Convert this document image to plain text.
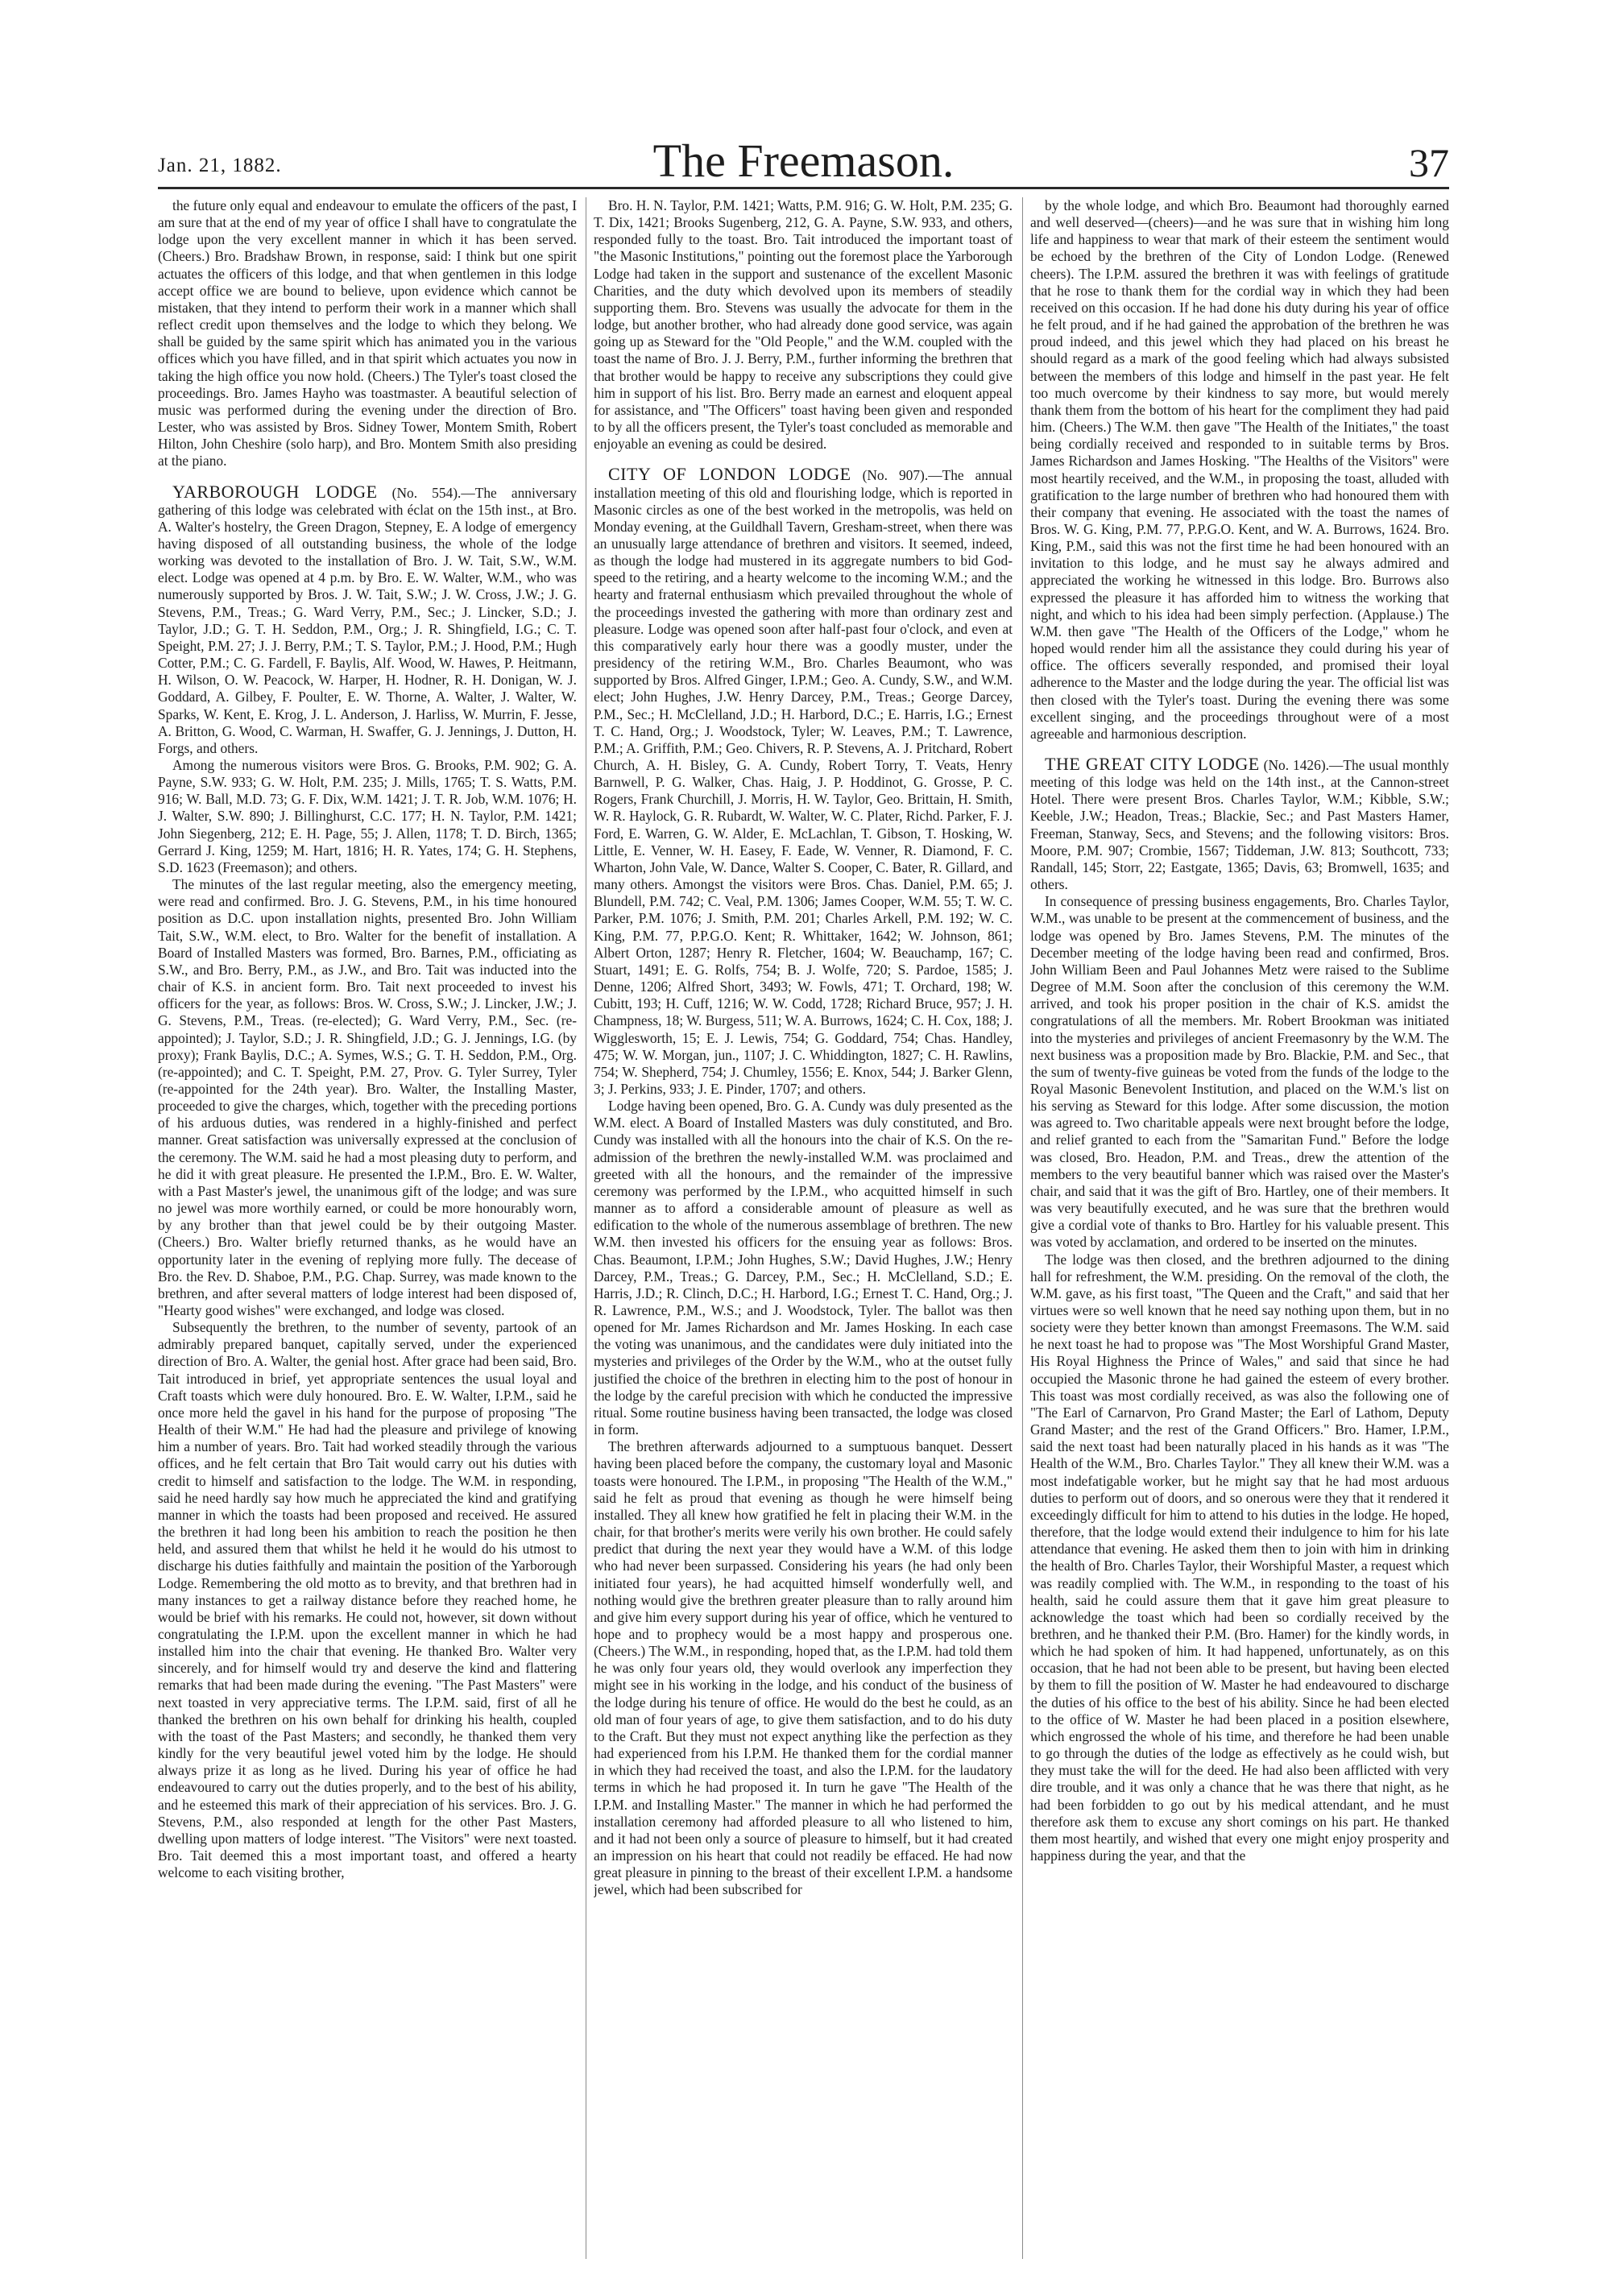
Jan. 21, 1882.	The Freemason.	37

the future only equal and endeavour to emulate the officers of the past, I am sure that at the end of my year of office I shall have to congratulate the lodge upon the very excellent manner in which it has been served. (Cheers.) Bro. Bradshaw Brown, in response, said: I think but one spirit actuates the officers of this lodge, and that when gentlemen in this lodge accept office we are bound to believe, upon evidence which cannot be mistaken, that they intend to perform their work in a manner which shall reflect credit upon themselves and the lodge to which they belong. We shall be guided by the same spirit which has animated you in the various offices which you have filled, and in that spirit which actuates you now in taking the high office you now hold. (Cheers.) The Tyler's toast closed the proceedings. Bro. James Hayho was toastmaster. A beautiful selection of music was performed during the evening under the direction of Bro. Lester, who was assisted by Bros. Sidney Tower, Montem Smith, Robert Hilton, John Cheshire (solo harp), and Bro. Montem Smith also presiding at the piano.

YARBOROUGH LODGE (No. 554).—The anniversary gathering of this lodge was celebrated with éclat on the 15th inst., at Bro. A. Walter's hostelry, the Green Dragon, Stepney, E. A lodge of emergency having disposed of all outstanding business, the whole of the lodge working was devoted to the installation of Bro. J. W. Tait, S.W., W.M. elect. Lodge was opened at 4 p.m. by Bro. E. W. Walter, W.M., who was numerously supported by Bros. J. W. Tait, S.W.; J. W. Cross, J.W.; J. G. Stevens, P.M., Treas.; G. Ward Verry, P.M., Sec.; J. Lincker, S.D.; J. Taylor, J.D.; G. T. H. Seddon, P.M., Org.; J. R. Shingfield, I.G.; C. T. Speight, P.M. 27; J. J. Berry, P.M.; T. S. Taylor, P.M.; J. Hood, P.M.; Hugh Cotter, P.M.; C. G. Fardell, F. Baylis, Alf. Wood, W. Hawes, P. Heitmann, H. Wilson, O. W. Peacock, W. Harper, H. Hodner, R. H. Donigan, W. J. Goddard, A. Gilbey, F. Poulter, E. W. Thorne, A. Walter, J. Walter, W. Sparks, W. Kent, E. Krog, J. L. Anderson, J. Harliss, W. Murrin, F. Jesse, A. Britton, G. Wood, C. Warman, H. Swaffer, G. J. Jennings, J. Dutton, H. Forgs, and others.

Among the numerous visitors were Bros. G. Brooks, P.M. 902; G. A. Payne, S.W. 933; G. W. Holt, P.M. 235; J. Mills, 1765; T. S. Watts, P.M. 916; W. Ball, M.D. 73; G. F. Dix, W.M. 1421; J. T. R. Job, W.M. 1076; H. J. Walter, S.W. 890; J. Billinghurst, C.C. 177; H. N. Taylor, P.M. 1421; John Siegenberg, 212; E. H. Page, 55; J. Allen, 1178; T. D. Birch, 1365; Gerrard J. King, 1259; M. Hart, 1816; H. R. Yates, 174; G. H. Stephens, S.D. 1623 (Freemason); and others.

The minutes of the last regular meeting, also the emergency meeting, were read and confirmed. Bro. J. G. Stevens, P.M., in his time honoured position as D.C. upon installation nights, presented Bro. John William Tait, S.W., W.M. elect, to Bro. Walter for the benefit of installation. A Board of Installed Masters was formed, Bro. Barnes, P.M., officiating as S.W., and Bro. Berry, P.M., as J.W., and Bro. Tait was inducted into the chair of K.S. in ancient form. Bro. Tait next proceeded to invest his officers for the year, as follows: Bros. W. Cross, S.W.; J. Lincker, J.W.; J. G. Stevens, P.M., Treas. (re-elected); G. Ward Verry, P.M., Sec. (re-appointed); J. Taylor, S.D.; J. R. Shingfield, J.D.; G. J. Jennings, I.G. (by proxy); Frank Baylis, D.C.; A. Symes, W.S.; G. T. H. Seddon, P.M., Org. (re-appointed); and C. T. Speight, P.M. 27, Prov. G. Tyler Surrey, Tyler (re-appointed for the 24th year). Bro. Walter, the Installing Master, proceeded to give the charges, which, together with the preceding portions of his arduous duties, was rendered in a highly-finished and perfect manner. Great satisfaction was universally expressed at the conclusion of the ceremony. The W.M. said he had a most pleasing duty to perform, and he did it with great pleasure. He presented the I.P.M., Bro. E. W. Walter, with a Past Master's jewel, the unanimous gift of the lodge; and was sure no jewel was more worthily earned, or could be more honourably worn, by any brother than that jewel could be by their outgoing Master. (Cheers.) Bro. Walter briefly returned thanks, as he would have an opportunity later in the evening of replying more fully. The decease of Bro. the Rev. D. Shaboe, P.M., P.G. Chap. Surrey, was made known to the brethren, and after several matters of lodge interest had been disposed of, "Hearty good wishes" were exchanged, and lodge was closed.

Subsequently the brethren, to the number of seventy, partook of an admirably prepared banquet, capitally served, under the experienced direction of Bro. A. Walter, the genial host. After grace had been said, Bro. Tait introduced in brief, yet appropriate sentences the usual loyal and Craft toasts which were duly honoured. Bro. E. W. Walter, I.P.M., said he once more held the gavel in his hand for the purpose of proposing "The Health of their W.M." He had had the pleasure and privilege of knowing him a number of years. Bro. Tait had worked steadily through the various offices, and he felt certain that Bro Tait would carry out his duties with credit to himself and satisfaction to the lodge. The W.M. in responding, said he need hardly say how much he appreciated the kind and gratifying manner in which the toasts had been proposed and received. He assured the brethren it had long been his ambition to reach the position he then held, and assured them that whilst he held it he would do his utmost to discharge his duties faithfully and maintain the position of the Yarborough Lodge. Remembering the old motto as to brevity, and that brethren had in many instances to get a railway distance before they reached home, he would be brief with his remarks. He could not, however, sit down without congratulating the I.P.M. upon the excellent manner in which he had installed him into the chair that evening. He thanked Bro. Walter very sincerely, and for himself would try and deserve the kind and flattering remarks that had been made during the evening. "The Past Masters" were next toasted in very appreciative terms. The I.P.M. said, first of all he thanked the brethren on his own behalf for drinking his health, coupled with the toast of the Past Masters; and secondly, he thanked them very kindly for the very beautiful jewel voted him by the lodge. He should always prize it as long as he lived. During his year of office he had endeavoured to carry out the duties properly, and to the best of his ability, and he esteemed this mark of their appreciation of his services. Bro. J. G. Stevens, P.M., also responded at length for the other Past Masters, dwelling upon matters of lodge interest. "The Visitors" were next toasted. Bro. Tait deemed this a most important toast, and offered a hearty welcome to each visiting brother,

Bro. H. N. Taylor, P.M. 1421; Watts, P.M. 916; G. W. Holt, P.M. 235; G. T. Dix, 1421; Brooks Sugenberg, 212, G. A. Payne, S.W. 933, and others, responded fully to the toast. Bro. Tait introduced the important toast of "the Masonic Institutions," pointing out the foremost place the Yarborough Lodge had taken in the support and sustenance of the excellent Masonic Charities, and the duty which devolved upon its members of steadily supporting them. Bro. Stevens was usually the advocate for them in the lodge, but another brother, who had already done good service, was again going up as Steward for the "Old People," and the W.M. coupled with the toast the name of Bro. J. J. Berry, P.M., further informing the brethren that that brother would be happy to receive any subscriptions they could give him in support of his list. Bro. Berry made an earnest and eloquent appeal for assistance, and "The Officers" toast having been given and responded to by all the officers present, the Tyler's toast concluded as memorable and enjoyable an evening as could be desired.

CITY OF LONDON LODGE (No. 907).—The annual installation meeting of this old and flourishing lodge, which is reported in Masonic circles as one of the best worked in the metropolis, was held on Monday evening, at the Guildhall Tavern, Gresham-street, when there was an unusually large attendance of brethren and visitors. It seemed, indeed, as though the lodge had mustered in its aggregate numbers to bid God-speed to the retiring, and a hearty welcome to the incoming W.M.; and the hearty and fraternal enthusiasm which prevailed throughout the whole of the proceedings invested the gathering with more than ordinary zest and pleasure. Lodge was opened soon after half-past four o'clock, and even at this comparatively early hour there was a goodly muster, under the presidency of the retiring W.M., Bro. Charles Beaumont, who was supported by Bros. Alfred Ginger, I.P.M.; Geo. A. Cundy, S.W., and W.M. elect; John Hughes, J.W. Henry Darcey, P.M., Treas.; George Darcey, P.M., Sec.; H. McClelland, J.D.; H. Harbord, D.C.; E. Harris, I.G.; Ernest T. C. Hand, Org.; J. Woodstock, Tyler; W. Leaves, P.M.; T. Lawrence, P.M.; A. Griffith, P.M.; Geo. Chivers, R. P. Stevens, A. J. Pritchard, Robert Church, A. H. Bisley, G. A. Cundy, Robert Torry, T. Veats, Henry Barnwell, P. G. Walker, Chas. Haig, J. P. Hoddinot, G. Grosse, P. C. Rogers, Frank Churchill, J. Morris, H. W. Taylor, Geo. Brittain, H. Smith, W. R. Haylock, G. R. Rubardt, W. Walter, W. C. Plater, Richd. Parker, F. J. Ford, E. Warren, G. W. Alder, E. McLachlan, T. Gibson, T. Hosking, W. Little, E. Venner, W. H. Easey, F. Eade, W. Venner, R. Diamond, F. C. Wharton, John Vale, W. Dance, Walter S. Cooper, C. Bater, R. Gillard, and many others. Amongst the visitors were Bros. Chas. Daniel, P.M. 65; J. Blundell, P.M. 742; C. Veal, P.M. 1306; James Cooper, W.M. 55; T. W. C. Parker, P.M. 1076; J. Smith, P.M. 201; Charles Arkell, P.M. 192; W. C. King, P.M. 77, P.P.G.O. Kent; R. Whittaker, 1642; W. Johnson, 861; Albert Orton, 1287; Henry R. Fletcher, 1604; W. Beauchamp, 167; C. Stuart, 1491; E. G. Rolfs, 754; B. J. Wolfe, 720; S. Pardoe, 1585; J. Denne, 1206; Alfred Short, 3493; W. Fowls, 471; T. Orchard, 198; W. Cubitt, 193; H. Cuff, 1216; W. W. Codd, 1728; Richard Bruce, 957; J. H. Champness, 18; W. Burgess, 511; W. A. Burrows, 1624; C. H. Cox, 188; J. Wigglesworth, 15; E. J. Lewis, 754; G. Goddard, 754; Chas. Handley, 475; W. W. Morgan, jun., 1107; J. C. Whiddington, 1827; C. H. Rawlins, 754; W. Shepherd, 754; J. Chumley, 1556; E. Knox, 544; J. Barker Glenn, 3; J. Perkins, 933; J. E. Pinder, 1707; and others.

Lodge having been opened, Bro. G. A. Cundy was duly presented as the W.M. elect. A Board of Installed Masters was duly constituted, and Bro. Cundy was installed with all the honours into the chair of K.S. On the re-admission of the brethren the newly-installed W.M. was proclaimed and greeted with all the honours, and the remainder of the impressive ceremony was performed by the I.P.M., who acquitted himself in such manner as to afford a considerable amount of pleasure as well as edification to the whole of the numerous assemblage of brethren. The new W.M. then invested his officers for the ensuing year as follows: Bros. Chas. Beaumont, I.P.M.; John Hughes, S.W.; David Hughes, J.W.; Henry Darcey, P.M., Treas.; G. Darcey, P.M., Sec.; H. McClelland, S.D.; E. Harris, J.D.; R. Clinch, D.C.; H. Harbord, I.G.; Ernest T. C. Hand, Org.; J. R. Lawrence, P.M., W.S.; and J. Woodstock, Tyler. The ballot was then opened for Mr. James Richardson and Mr. James Hosking. In each case the voting was unanimous, and the candidates were duly initiated into the mysteries and privileges of the Order by the W.M., who at the outset fully justified the choice of the brethren in electing him to the post of honour in the lodge by the careful precision with which he conducted the impressive ritual. Some routine business having been transacted, the lodge was closed in form.

The brethren afterwards adjourned to a sumptuous banquet. Dessert having been placed before the company, the customary loyal and Masonic toasts were honoured. The I.P.M., in proposing "The Health of the W.M.," said he felt as proud that evening as though he were himself being installed. They all knew how gratified he felt in placing their W.M. in the chair, for that brother's merits were verily his own brother. He could safely predict that during the next year they would have a W.M. of this lodge who had never been surpassed. Considering his years (he had only been initiated four years), he had acquitted himself wonderfully well, and nothing would give the brethren greater pleasure than to rally around him and give him every support during his year of office, which he ventured to hope and to prophecy would be a most happy and prosperous one. (Cheers.) The W.M., in responding, hoped that, as the I.P.M. had told them he was only four years old, they would overlook any imperfection they might see in his working in the lodge, and his conduct of the business of the lodge during his tenure of office. He would do the best he could, as an old man of four years of age, to give them satisfaction, and to do his duty to the Craft. But they must not expect anything like the perfection as they had experienced from his I.P.M. He thanked them for the cordial manner in which they had received the toast, and also the I.P.M. for the laudatory terms in which he had proposed it. In turn he gave "The Health of the I.P.M. and Installing Master." The manner in which he had performed the installation ceremony had afforded pleasure to all who listened to him, and it had not been only a source of pleasure to himself, but it had created an impression on his heart that could not readily be effaced. He had now great pleasure in pinning to the breast of their excellent I.P.M. a handsome jewel, which had been subscribed for

by the whole lodge, and which Bro. Beaumont had thoroughly earned and well deserved—(cheers)—and he was sure that in wishing him long life and happiness to wear that mark of their esteem the sentiment would be echoed by the brethren of the City of London Lodge. (Renewed cheers). The I.P.M. assured the brethren it was with feelings of gratitude that he rose to thank them for the cordial way in which they had been received on this occasion. If he had done his duty during his year of office he felt proud, and if he had gained the approbation of the brethren he was proud indeed, and this jewel which they had placed on his breast he should regard as a mark of the good feeling which had always subsisted between the members of this lodge and himself in the past year. He felt too much overcome by their kindness to say more, but would merely thank them from the bottom of his heart for the compliment they had paid him. (Cheers.) The W.M. then gave "The Health of the Initiates," the toast being cordially received and responded to in suitable terms by Bros. James Richardson and James Hosking. "The Healths of the Visitors" were most heartily received, and the W.M., in proposing the toast, alluded with gratification to the large number of brethren who had honoured them with their company that evening. He associated with the toast the names of Bros. W. G. King, P.M. 77, P.P.G.O. Kent, and W. A. Burrows, 1624. Bro. King, P.M., said this was not the first time he had been honoured with an invitation to this lodge, and he must say he always admired and appreciated the working he witnessed in this lodge. Bro. Burrows also expressed the pleasure it has afforded him to witness the working that night, and which to his idea had been simply perfection. (Applause.) The W.M. then gave "The Health of the Officers of the Lodge," whom he hoped would render him all the assistance they could during his year of office. The officers severally responded, and promised their loyal adherence to the Master and the lodge during the year. The official list was then closed with the Tyler's toast. During the evening there was some excellent singing, and the proceedings throughout were of a most agreeable and harmonious description.

THE GREAT CITY LODGE (No. 1426).—The usual monthly meeting of this lodge was held on the 14th inst., at the Cannon-street Hotel. There were present Bros. Charles Taylor, W.M.; Kibble, S.W.; Keeble, J.W.; Headon, Treas.; Blackie, Sec.; and Past Masters Hamer, Freeman, Stanway, Secs, and Stevens; and the following visitors: Bros. Moore, P.M. 907; Crombie, 1567; Tiddeman, J.W. 813; Southcott, 733; Randall, 145; Storr, 22; Eastgate, 1365; Davis, 63; Bromwell, 1635; and others.

In consequence of pressing business engagements, Bro. Charles Taylor, W.M., was unable to be present at the commencement of business, and the lodge was opened by Bro. James Stevens, P.M. The minutes of the December meeting of the lodge having been read and confirmed, Bros. John William Been and Paul Johannes Metz were raised to the Sublime Degree of M.M. Soon after the conclusion of this ceremony the W.M. arrived, and took his proper position in the chair of K.S. amidst the congratulations of all the members. Mr. Robert Brookman was initiated into the mysteries and privileges of ancient Freemasonry by the W.M. The next business was a proposition made by Bro. Blackie, P.M. and Sec., that the sum of twenty-five guineas be voted from the funds of the lodge to the Royal Masonic Benevolent Institution, and placed on the W.M.'s list on his serving as Steward for this lodge. After some discussion, the motion was agreed to. Two charitable appeals were next brought before the lodge, and relief granted to each from the "Samaritan Fund." Before the lodge was closed, Bro. Headon, P.M. and Treas., drew the attention of the members to the very beautiful banner which was raised over the Master's chair, and said that it was the gift of Bro. Hartley, one of their members. It was very beautifully executed, and he was sure that the brethren would give a cordial vote of thanks to Bro. Hartley for his valuable present. This was voted by acclamation, and ordered to be inserted on the minutes.

The lodge was then closed, and the brethren adjourned to the dining hall for refreshment, the W.M. presiding. On the removal of the cloth, the W.M. gave, as his first toast, "The Queen and the Craft," and said that her virtues were so well known that he need say nothing upon them, but in no society were they better known than amongst Freemasons. The W.M. said he next toast he had to propose was "The Most Worshipful Grand Master, His Royal Highness the Prince of Wales," and said that since he had occupied the Masonic throne he had gained the esteem of every brother. This toast was most cordially received, as was also the following one of "The Earl of Carnarvon, Pro Grand Master; the Earl of Lathom, Deputy Grand Master; and the rest of the Grand Officers." Bro. Hamer, I.P.M., said the next toast had been naturally placed in his hands as it was "The Health of the W.M., Bro. Charles Taylor." They all knew their W.M. was a most indefatigable worker, but he might say that he had most arduous duties to perform out of doors, and so onerous were they that it rendered it exceedingly difficult for him to attend to his duties in the lodge. He hoped, therefore, that the lodge would extend their indulgence to him for his late attendance that evening. He asked them then to join with him in drinking the health of Bro. Charles Taylor, their Worshipful Master, a request which was readily complied with. The W.M., in responding to the toast of his health, said he could assure them that it gave him great pleasure to acknowledge the toast which had been so cordially received by the brethren, and he thanked their P.M. (Bro. Hamer) for the kindly words, in which he had spoken of him. It had happened, unfortunately, as on this occasion, that he had not been able to be present, but having been elected by them to fill the position of W. Master he had endeavoured to discharge the duties of his office to the best of his ability. Since he had been elected to the office of W. Master he had been placed in a position elsewhere, which engrossed the whole of his time, and therefore he had been unable to go through the duties of the lodge as effectively as he could wish, but they must take the will for the deed. He had also been afflicted with very dire trouble, and it was only a chance that he was there that night, as he had been forbidden to go out by his medical attendant, and he must therefore ask them to excuse any short comings on his part. He thanked them most heartily, and wished that every one might enjoy prosperity and happiness during the year, and that the
